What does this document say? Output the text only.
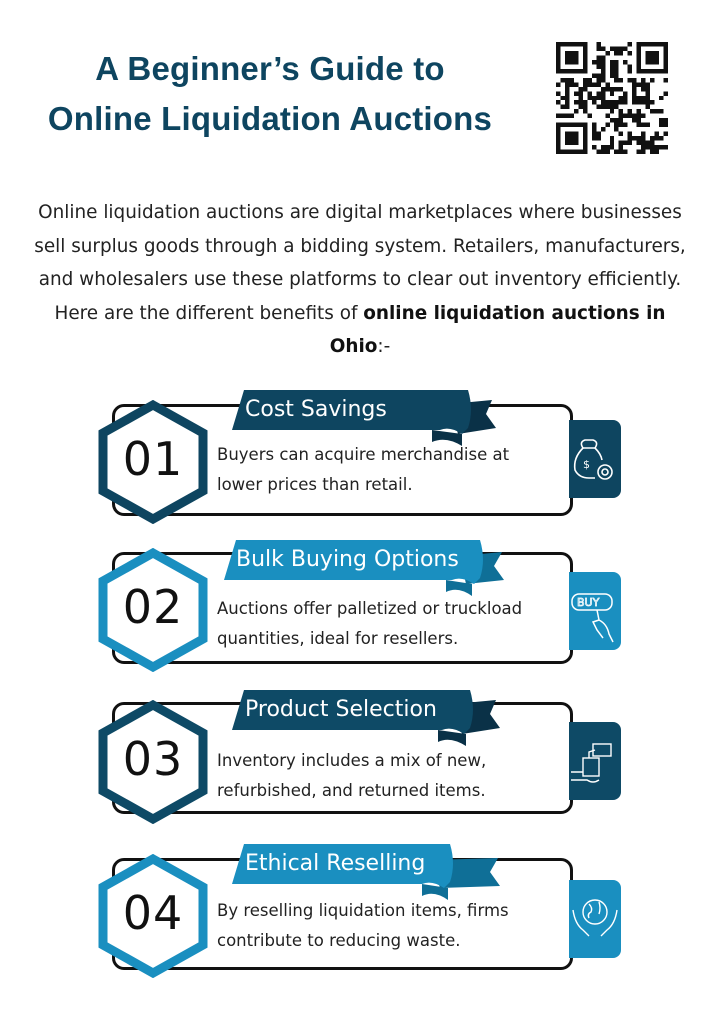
A Beginner’s Guide to
Online Liquidation Auctions
Online liquidation auctions are digital marketplaces where businesses sell surplus goods through a bidding system. Retailers, manufacturers, and wholesalers use these platforms to clear out inventory efficiently. Here are the different benefits of online liquidation auctions in Ohio:-
Cost Savings
01	Buyers can acquire merchandise at lower prices than retail.
$
Bulk Buying Options
02	Auctions offer palletized or truckload quantities, ideal for resellers.
BUY
Product Selection
03	Inventory includes a mix of new, refurbished, and returned items.
Ethical Reselling
04	By reselling liquidation items, firms contribute to reducing waste.
